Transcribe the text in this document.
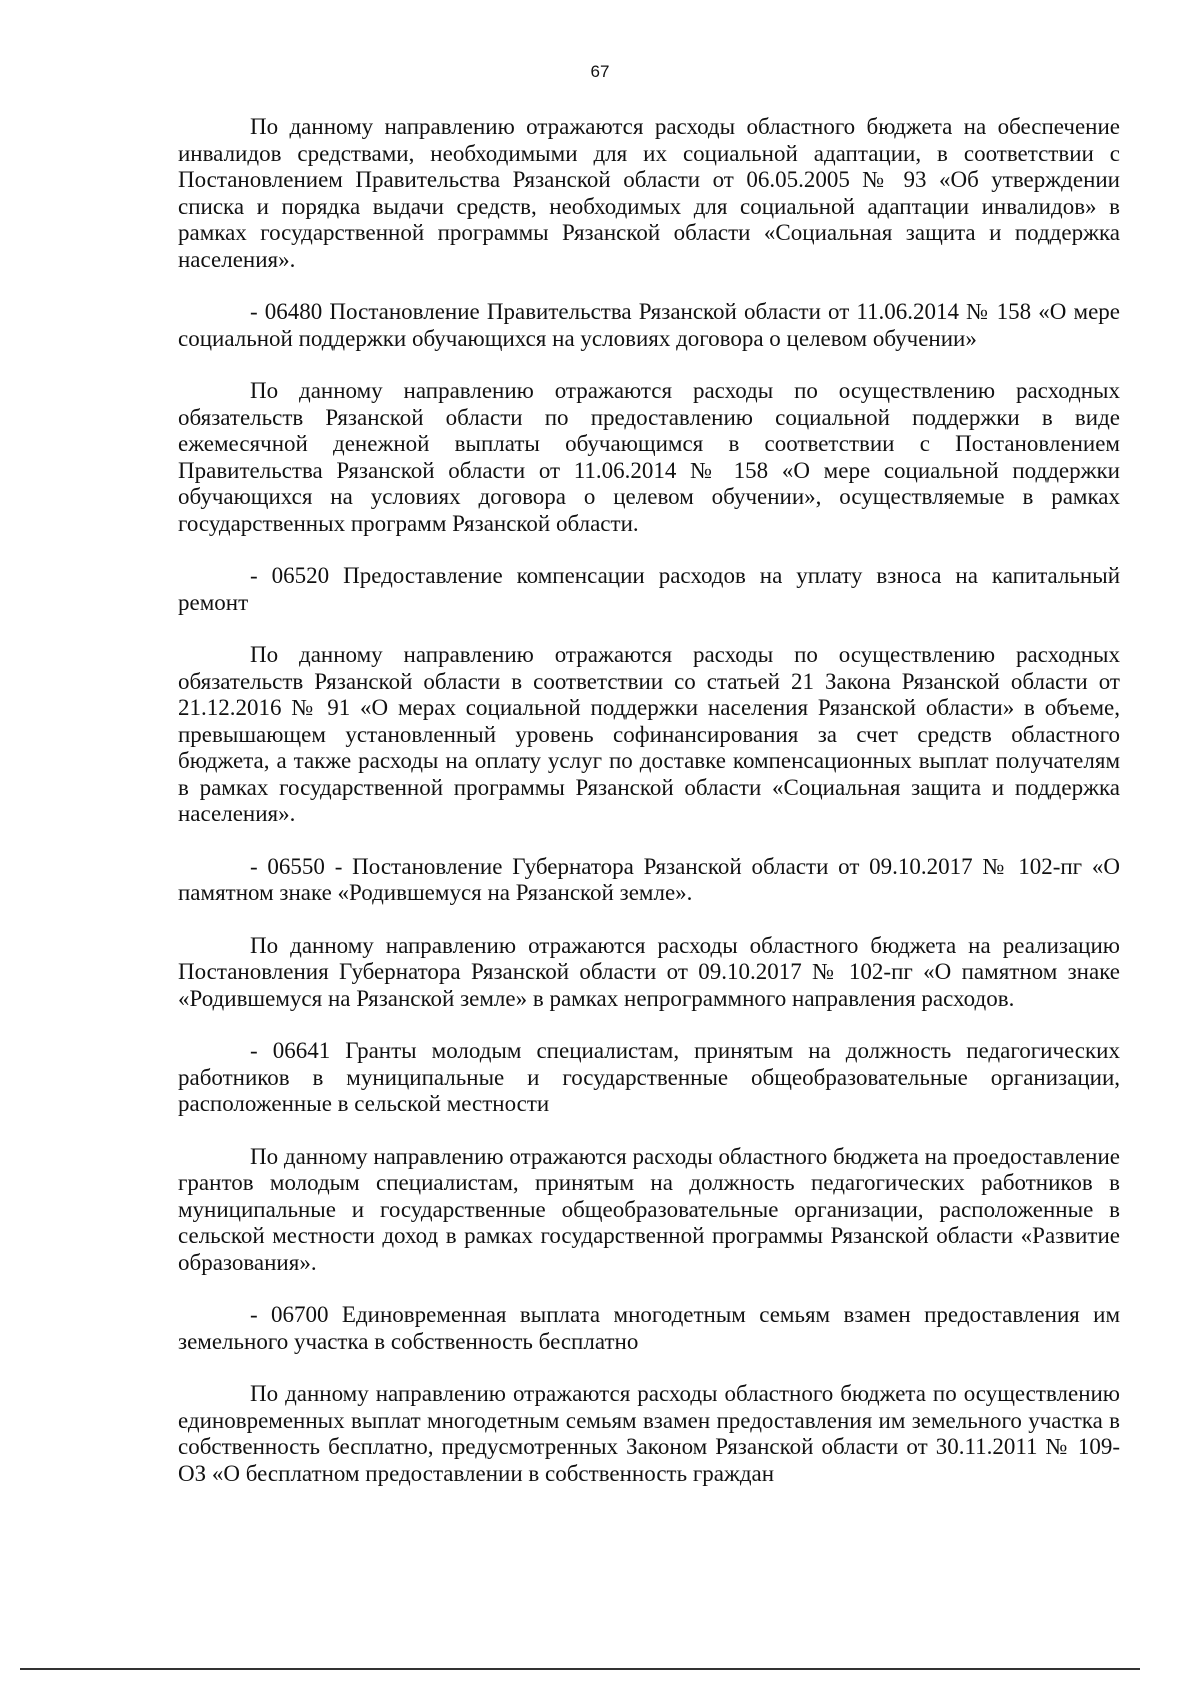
67

По данному направлению отражаются расходы областного бюджета на обеспечение инвалидов средствами, необходимыми для их социальной адаптации, в соответствии с Постановлением Правительства Рязанской области от 06.05.2005 № 93 «Об утверждении списка и порядка выдачи средств, необходимых для социальной адаптации инвалидов» в рамках государственной программы Рязанской области «Социальная защита и поддержка населения».

- 06480 Постановление Правительства Рязанской области от 11.06.2014 № 158 «О мере социальной поддержки обучающихся на условиях договора о целевом обучении»

По данному направлению отражаются расходы по осуществлению расходных обязательств Рязанской области по предоставлению социальной поддержки в виде ежемесячной денежной выплаты обучающимся в соответствии с Постановлением Правительства Рязанской области от 11.06.2014 № 158 «О мере социальной поддержки обучающихся на условиях договора о целевом обучении», осуществляемые в рамках государственных программ Рязанской области.

- 06520 Предоставление компенсации расходов на уплату взноса на капитальный ремонт

По данному направлению отражаются расходы по осуществлению расходных обязательств Рязанской области в соответствии со статьей 21 Закона Рязанской области от 21.12.2016 № 91 «О мерах социальной поддержки населения Рязанской области» в объеме, превышающем установленный уровень софинансирования за счет средств областного бюджета, а также расходы на оплату услуг по доставке компенсационных выплат получателям в рамках государственной программы Рязанской области «Социальная защита и поддержка населения».

- 06550 - Постановление Губернатора Рязанской области от 09.10.2017 № 102-пг «О памятном знаке «Родившемуся на Рязанской земле».

По данному направлению отражаются расходы областного бюджета на реализацию Постановления Губернатора Рязанской области от 09.10.2017 № 102-пг «О памятном знаке «Родившемуся на Рязанской земле» в рамках непрограммного направления расходов.

- 06641 Гранты молодым специалистам, принятым на должность педагогических работников в муниципальные и государственные общеобразовательные организации, расположенные в сельской местности

По данному направлению отражаются расходы областного бюджета на проедоставление грантов молодым специалистам, принятым на должность педагогических работников в муниципальные и государственные общеобразовательные организации, расположенные в сельской местности доход в рамках государственной программы Рязанской области «Развитие образования».

- 06700 Единовременная выплата многодетным семьям взамен предоставления им земельного участка в собственность бесплатно

По данному направлению отражаются расходы областного бюджета по осуществлению единовременных выплат многодетным семьям взамен предоставления им земельного участка в собственность бесплатно, предусмотренных Законом Рязанской области от 30.11.2011 № 109-ОЗ «О бесплатном предоставлении в собственность граждан
